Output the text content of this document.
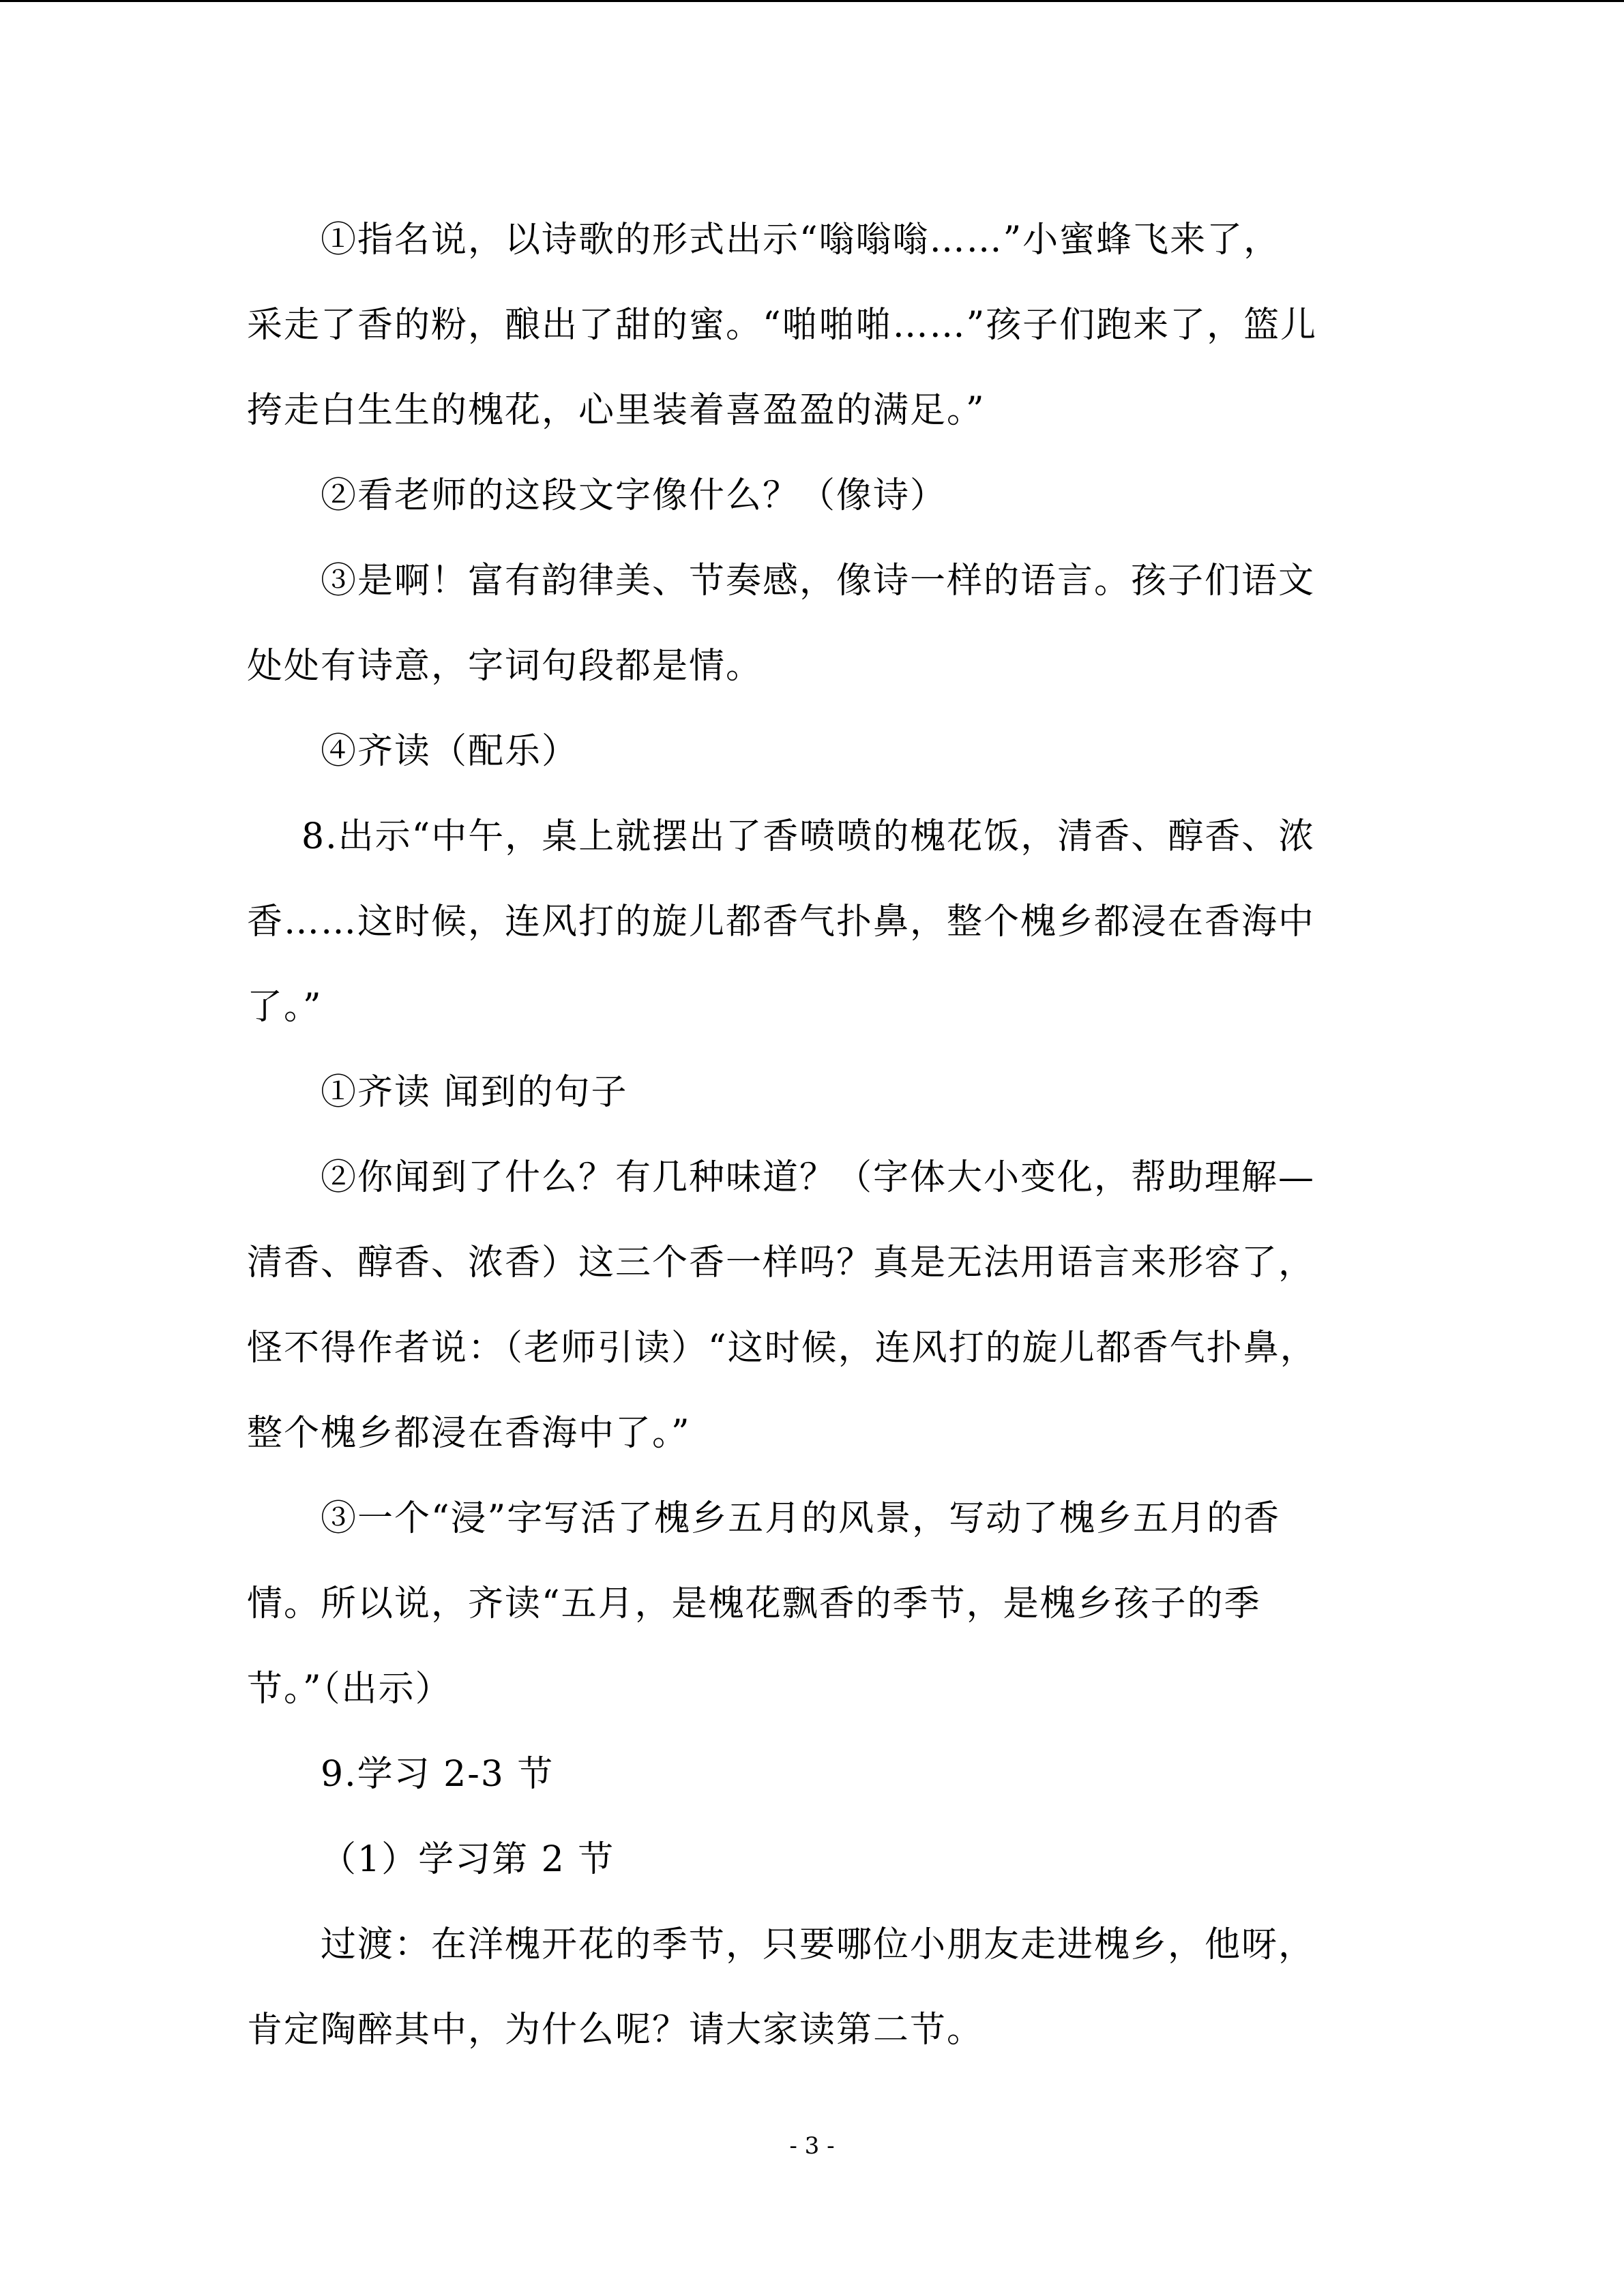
①指名说，以诗歌的形式出示“嗡嗡嗡……”小蜜蜂飞来了，
采走了香的粉，酿出了甜的蜜。“啪啪啪……”孩子们跑来了，篮儿
挎走白生生的槐花，心里装着喜盈盈的满足。”
②看老师的这段文字像什么？（像诗）
③是啊！富有韵律美、节奏感，像诗一样的语言。孩子们语文
处处有诗意，字词句段都是情。
④齐读（配乐）
8.出示“中午，桌上就摆出了香喷喷的槐花饭，清香、醇香、浓
香……这时候，连风打的旋儿都香气扑鼻，整个槐乡都浸在香海中
了。”
①齐读 闻到的句子
②你闻到了什么？有几种味道？（字体大小变化，帮助理解—
清香、醇香、浓香）这三个香一样吗？真是无法用语言来形容了，
怪不得作者说：（老师引读）“这时候，连风打的旋儿都香气扑鼻，
整个槐乡都浸在香海中了。”
③一个“浸”字写活了槐乡五月的风景，写动了槐乡五月的香
情。所以说，齐读“五月，是槐花飘香的季节，是槐乡孩子的季
节。”（出示）
9.学习 2-3 节
（1）学习第 2 节
过渡：在洋槐开花的季节，只要哪位小朋友走进槐乡，他呀，
肯定陶醉其中，为什么呢？请大家读第二节。
- 3 -
